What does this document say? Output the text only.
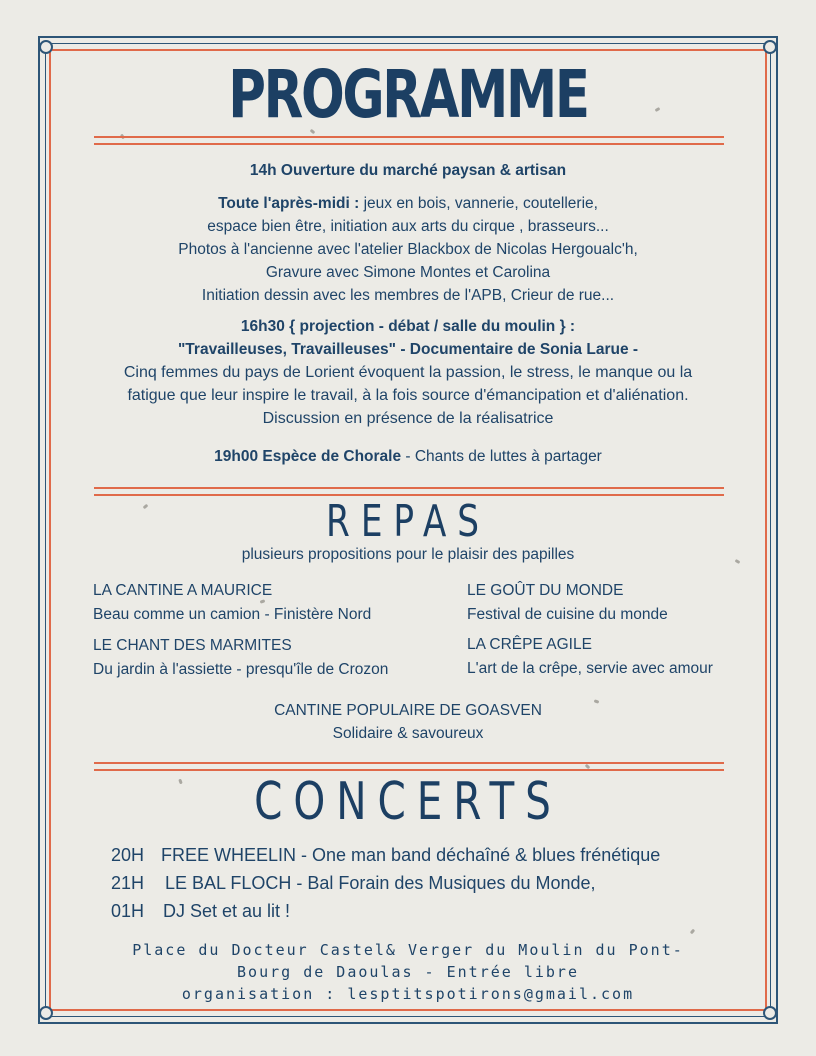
PROGRAMME
14h Ouverture du marché paysan & artisan
Toute l'après-midi : jeux en bois, vannerie, coutellerie,
espace bien être, initiation aux arts du cirque , brasseurs...
Photos à l'ancienne avec l'atelier Blackbox de Nicolas Hergoualc'h,
Gravure avec Simone Montes et Carolina
Initiation dessin avec les membres de l'APB, Crieur de rue...
16h30 { projection - débat / salle du moulin } :
"Travailleuses, Travailleuses" - Documentaire de Sonia Larue -
Cinq femmes du pays de Lorient évoquent la passion, le stress, le manque ou la
fatigue que leur inspire le travail, à la fois source d'émancipation et d'aliénation.
Discussion en présence de la réalisatrice
19h00 Espèce de Chorale - Chants de luttes à partager
REPAS
plusieurs propositions pour le plaisir des papilles
LA CANTINE A MAURICE
Beau comme un camion - Finistère Nord
LE GOÛT DU MONDE
Festival de cuisine du monde
LE CHANT DES MARMITES
Du jardin à l'assiette - presqu'île de Crozon
LA CRÊPE AGILE
L'art de la crêpe, servie avec amour
CANTINE POPULAIRE DE GOASVEN
Solidaire & savoureux
CONCERTS
20H FREE WHEELIN - One man band déchaîné & blues frénétique
21H LE BAL FLOCH - Bal Forain des Musiques du Monde,
01H DJ Set et au lit !
Place du Docteur Castel& Verger du Moulin du Pont-
Bourg de Daoulas - Entrée libre
organisation : lesptitspotirons@gmail.com
